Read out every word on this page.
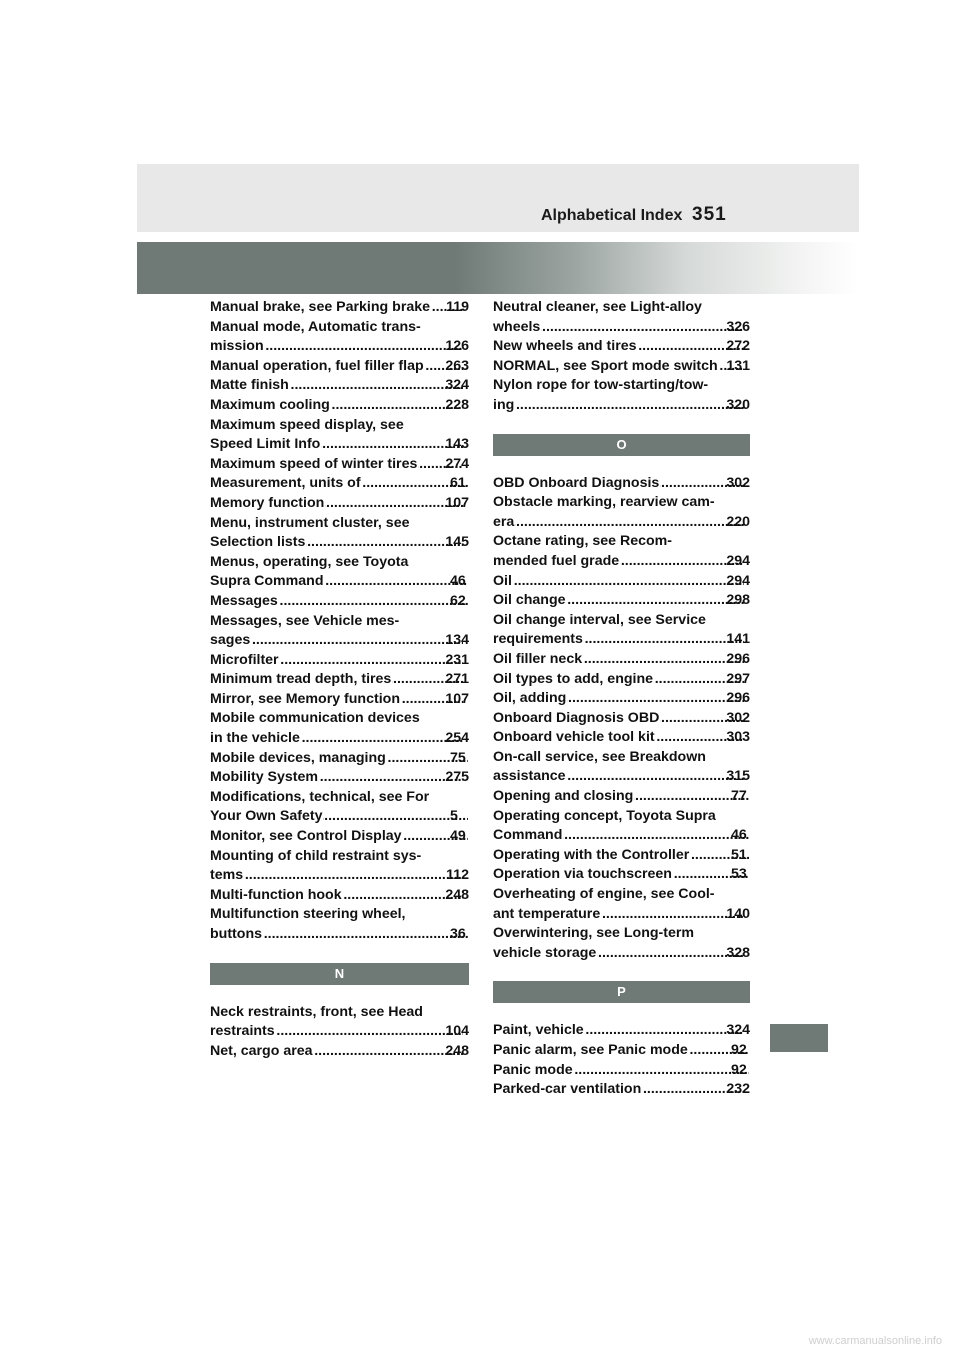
Alphabetical Index 351
Manual brake, see Parking brake ..... 119
Manual mode, Automatic trans-
mission .....	126
Manual operation, fuel filler flap ..... 263
Matte finish .....	324
Maximum cooling .....	228
Maximum speed display, see
Speed Limit Info .....	143
Maximum speed of winter tires ..... 274
Measurement, units of .....	61
Memory function .....	107
Menu, instrument cluster, see
Selection lists .....	145
Menus, operating, see Toyota
Supra Command .....	46
Messages .....	62
Messages, see Vehicle mes-
sages .....	134
Microfilter .....	231
Minimum tread depth, tires .....	271
Mirror, see Memory function .....	107
Mobile communication devices
in the vehicle .....	254
Mobile devices, managing .....	75
Mobility System .....	275
Modifications, technical, see For
Your Own Safety .....	5
Monitor, see Control Display .....	49
Mounting of child restraint sys-
tems .....	112
Multi-function hook .....	248
Multifunction steering wheel,
buttons .....	36
N
Neck restraints, front, see Head
restraints .....	104
Net, cargo area .....	248
Neutral cleaner, see Light-alloy
wheels .....	326
New wheels and tires .....	272
NORMAL, see Sport mode switch ..... 131
Nylon rope for tow-starting/tow-
ing .....	320
O
OBD Onboard Diagnosis .....	302
Obstacle marking, rearview cam-
era .....	220
Octane rating, see Recom-
mended fuel grade .....	294
Oil .....	294
Oil change .....	298
Oil change interval, see Service
requirements .....	141
Oil filler neck .....	296
Oil types to add, engine .....	297
Oil, adding .....	296
Onboard Diagnosis OBD .....	302
Onboard vehicle tool kit .....	303
On-call service, see Breakdown
assistance .....	315
Opening and closing .....	77
Operating concept, Toyota Supra
Command .....	46
Operating with the Controller .....	51
Operation via touchscreen .....	53
Overheating of engine, see Cool-
ant temperature .....	140
Overwintering, see Long-term
vehicle storage .....	328
P
Paint, vehicle .....	324
Panic alarm, see Panic mode .....	92
Panic mode .....	92
Parked-car ventilation .....	232
www.carmanualsonline.info
